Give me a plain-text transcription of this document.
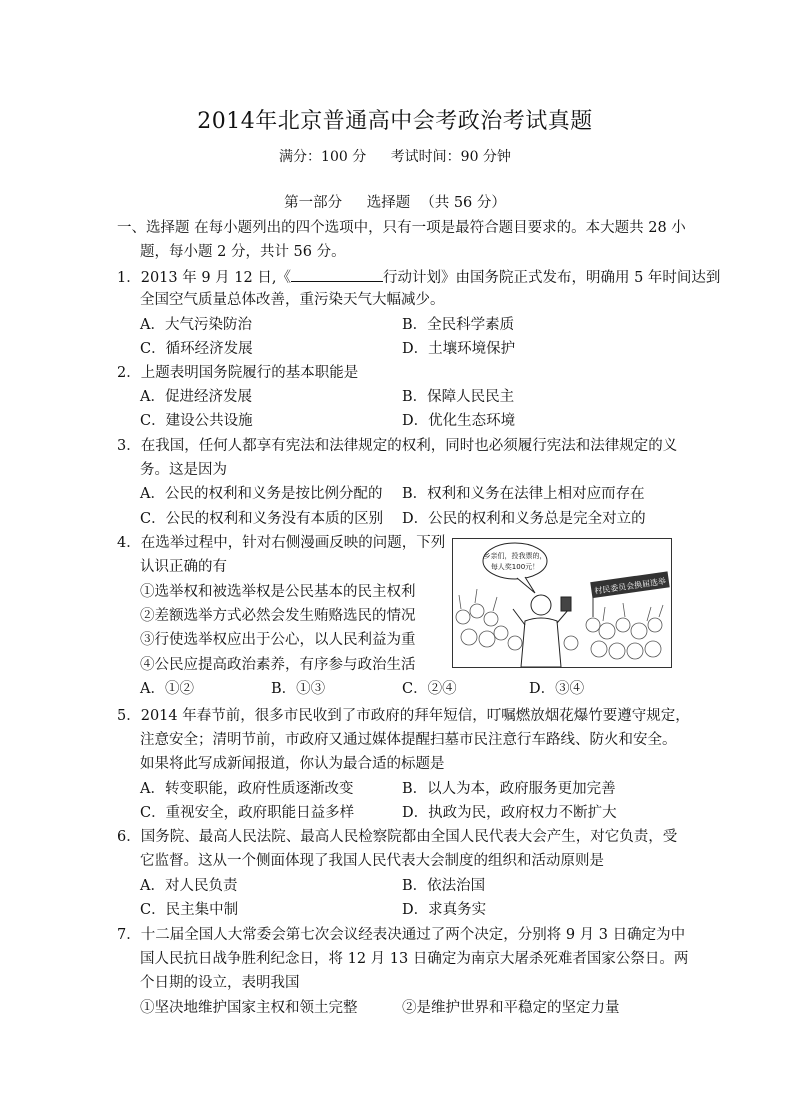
2014年北京普通高中会考政治考试真题
满分：100 分 考试时间：90 分钟
第一部分 选择题 （共 56 分）
一、选择题 在每小题列出的四个选项中，只有一项是最符合题目要求的。本大题共 28 小
题，每小题 2 分，共计 56 分。
1．2013 年 9 月 12 日,《	行动计划》由国务院正式发布，明确用 5 年时间达到
全国空气质量总体改善，重污染天气大幅减少。
A．大气污染防治	B．全民科学素质
C．循环经济发展	D．土壤环境保护
2．上题表明国务院履行的基本职能是
A．促进经济发展	B．保障人民民主
C．建设公共设施	D．优化生态环境
3．在我国，任何人都享有宪法和法律规定的权利，同时也必须履行宪法和法律规定的义
务。这是因为
A．公民的权利和义务是按比例分配的 B．权利和义务在法律上相对应而存在
C．公民的权利和义务没有本质的区别 D．公民的权利和义务总是完全对立的
4．在选举过程中，针对右侧漫画反映的问题，下列
认识正确的有
①选举权和被选举权是公民基本的民主权利
②差额选举方式必然会发生贿赂选民的情况
③行使选举权应出于公心，以人民利益为重
④公民应提高政治素养，有序参与政治生活
A．①②	B．①③	C．②④	D．③④
乡亲们，投我票的，
每人奖100元！
村民委员会换届选举
5．2014 年春节前，很多市民收到了市政府的拜年短信，叮嘱燃放烟花爆竹要遵守规定，
注意安全；清明节前，市政府又通过媒体提醒扫墓市民注意行车路线、防火和安全。
如果将此写成新闻报道，你认为最合适的标题是
A．转变职能，政府性质逐渐改变	B．以人为本，政府服务更加完善
C．重视安全，政府职能日益多样	D．执政为民，政府权力不断扩大
6．国务院、最高人民法院、最高人民检察院都由全国人民代表大会产生，对它负责，受
它监督。这从一个侧面体现了我国人民代表大会制度的组织和活动原则是
A．对人民负责	B．依法治国
C．民主集中制	D．求真务实
7．十二届全国人大常委会第七次会议经表决通过了两个决定，分别将 9 月 3 日确定为中
国人民抗日战争胜利纪念日，将 12 月 13 日确定为南京大屠杀死难者国家公祭日。两
个日期的设立，表明我国
①坚决地维护国家主权和领土完整	②是维护世界和平稳定的坚定力量
